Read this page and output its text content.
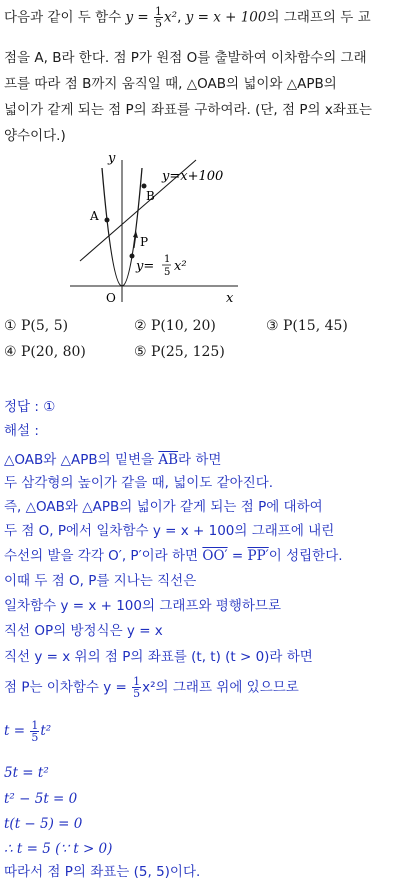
다음과 같이 두 함수 $y = \frac{1}{5} x^2$, y = x + 100의 그래프의 두 교
점을 A, B라 한다. 점 P가 원점 O를 출발하여 이차함수의 그래
프를 따라 점 B까지 움직일 때, △OAB의 넓이와 △APB의
넓이가 같게 되는 점 P의 좌표를 구하여라. (단, 점 P의 x좌표는
양수이다.)
y
x
O
A
B
P
y=x+100
y= 1
5 x²
① P(5, 5)	② P(10, 20)	③ P(15, 45)
④ P(20, 80)	⑤ P(25, 125)
정답 : ①
해설 :
△OAB와 △APB의 밑변을 $\overline{AB}$라 하면
두 삼각형의 높이가 같을 때, 넓이도 같아진다.
즉, △OAB와 △APB의 넓이가 같게 되는 점 P에 대하여
두 점 O, P에서 일차함수 y = x + 100의 그래프에 내린
수선의 발을 각각 O′, P′이라 하면 OO′ = PP′이 성립한다.
이때 두 점 O, P를 지나는 직선은
일차함수 y = x + 100의 그래프와 평행하므로
직선 OP의 방정식은 y = x
직선 y = x 위의 점 P의 좌표를 (t, t) (t > 0)라 하면
점 P는 이차함수 $y = \frac{1}{5} x^2$의 그래프 위에 있으므로
$t = \frac{1}{5} t^2$
5t = t²
t² − 5t = 0
t(t − 5) = 0
∴ t = 5 (∵ t > 0)
따라서 점 P의 좌표는 (5, 5)이다.
